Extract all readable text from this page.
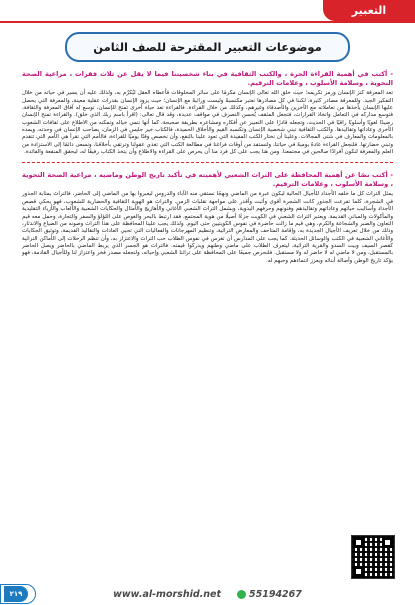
التعبير
موضوعات التعبير المقترحة للصف الثامن

- أكتب في أهمية القراءة الحرة ، والكتب الثقافية في بناء شخصيتنا فيما لا يقل عن ثلاث فقرات ، مراعية الصحة النحوية ، وسلامة الأسلوب ، وعلامات الترقيم.

تعد المعرفة كنز الإنسان ورمز تكريمه؛ حيث خلق الله تعالى الإنسان مكرمًا على سائر المخلوقات فأعطاه العقل ليُكرّم به، ولذلك عليه أن يسير في حياته من خلال التفكير الجيد. وللمعرفة مصادر كثيرة، لكننا في كل مصادرها نعتبر مكتسبةً وليست وراثيةً مع الإنسان؛ حيث يزود الإنسان بقدرات عقلية معينة، والمعرفة التي يحصل عليها الإنسان يأخذها من تعاملاته مع الآخرين والأصدقاء وغيرهم، وكذلك من خلال القراءة. فالقراءة تعد حياة أخرى تمنح للإنسان، توسع له آفاق المعرفة والثقافة، فتوسع مداركه في التعامل واتخاذ القرارات، فتجعل المثقف يُحسن التصرف في مواقف عديدة، وقد قال تعالى: (اقرأ باسم ربك الذي خلق). والقراءة تمنح الإنسان رصيدًا لغويًا وأسلوبًا راقيًا في الحديث، وتجعله قادرًا على التعبير عن أفكاره ومشاعره بطريقة صحيحة، كما أنها تنمي خياله وتمكنه من الاطلاع على ثقافات الشعوب الأخرى وعاداتها وتقاليدها. والكتب الثقافية تبني شخصية الإنسان وتكسبه القيم والأخلاق الحميدة، فالكتاب خير جليس في الزمان، يصاحب الإنسان في وحدته، ويمده بالمعلومات والمعارف في شتى المجالات. وعلينا أن نختار الكتب المفيدة التي تعود علينا بالنفع، وأن نخصص وقتًا يوميًا للقراءة، فالأمم التي تقرأ هي الأمم التي تتقدم وتبني حضارتها. فلنجعل القراءة عادةً يوميةً في حياتنا، ولنستفد من أوقات فراغنا في مطالعة الكتب التي تغذي عقولنا وترتقي بأخلاقنا، ونسعى دائمًا إلى الاستزادة من العلم والمعرفة لنكون أفرادًا صالحين في مجتمعنا. ومن هنا يجب على كل فرد منا أن يحرص على القراءة والاطلاع وأن يتخذ الكتاب رفيقًا له، ليحقق المنفعة والفائدة.

- أكتب نصًا عن أهمية المحافظة على التراث الشعبي لأهميته في تأكيد تاريخ الوطن وماضيه ، مراعية الصحة النحوية ، وسلامة الأسلوب ، وعلامات الترقيم.

يمثل التراث كل ما خلفه الأجداد للأجيال الحالية ليكون عبرة من الماضي ونهجًا نستقي منه الآباء والدروس ليعبروا بها من الماضي إلى الحاضر، فالتراث بمثابة الجذور في الشجرة، كلما تفرعت الجذور كانت الشجرة أقوى وأثبت وأقدر على مواجهة تقلبات الزمن. والتراث هو الهوية الثقافية والحضارية للشعوب، فهو يحكي قصص الأجداد وأساليب حياتهم وعاداتهم وتقاليدهم وفنونهم وحرفهم اليدوية، ويشمل التراث الشعبي الأغاني والأهازيج والأمثال والحكايات الشعبية والألعاب والأزياء التقليدية والمأكولات والمباني القديمة. ويعتبر التراث الشعبي في الكويت جزءًا أصيلًا من هوية المجتمع، فقد ارتبط بالبحر والغوص على اللؤلؤ والسفر والتجارة، وحمل معه قيم التعاون والصبر والشجاعة والكرم، وهي قيم ما زالت حاضرة في نفوس الكويتيين حتى اليوم. ولذلك يجب علينا المحافظة على هذا التراث وصونه من الضياع والاندثار، وذلك من خلال تعريف الأجيال الجديدة به، وإقامة المتاحف والمعارض التراثية، وتنظيم المهرجانات والفعاليات التي تحيي العادات والتقاليد القديمة، وتوثيق الحكايات والأغاني الشعبية في الكتب والوسائل الحديثة. كما يجب على المدارس أن تغرس في نفوس الطلاب حب التراث والاعتزاز به، وأن تنظم الرحلات إلى الأماكن التراثية كقصر السيف وبيت السدو والقرية التراثية، ليتعرف الطلاب على ماضي وطنهم ويدركوا قيمته. فالتراث هو الجسر الذي يربط الماضي بالحاضر ويصل الحاضر بالمستقبل، ومن لا ماضي له لا حاضر له ولا مستقبل. فلنحرص جميعًا على المحافظة على تراثنا الشعبي وإحيائه، ولنجعله مصدر فخر واعتزاز لنا وللأجيال القادمة، فهو يؤكد تاريخ الوطن وأصالة أبنائه ويعزز انتماءهم وحبهم له.

٢١٩	www.al-morshid.net	55194267
